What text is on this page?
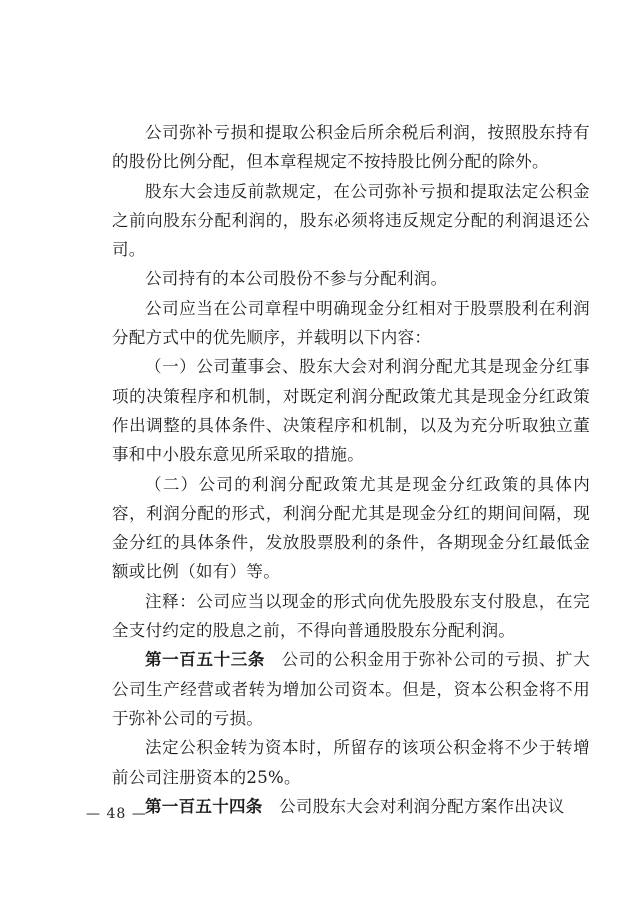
公司弥补亏损和提取公积金后所余税后利润，按照股东持有的股份比例分配，但本章程规定不按持股比例分配的除外。

股东大会违反前款规定，在公司弥补亏损和提取法定公积金之前向股东分配利润的，股东必须将违反规定分配的利润退还公司。

公司持有的本公司股份不参与分配利润。

公司应当在公司章程中明确现金分红相对于股票股利在利润分配方式中的优先顺序，并载明以下内容：

（一）公司董事会、股东大会对利润分配尤其是现金分红事项的决策程序和机制，对既定利润分配政策尤其是现金分红政策作出调整的具体条件、决策程序和机制，以及为充分听取独立董事和中小股东意见所采取的措施。

（二）公司的利润分配政策尤其是现金分红政策的具体内容，利润分配的形式，利润分配尤其是现金分红的期间间隔，现金分红的具体条件，发放股票股利的条件，各期现金分红最低金额或比例（如有）等。

注释：公司应当以现金的形式向优先股股东支付股息，在完全支付约定的股息之前，不得向普通股股东分配利润。

第一百五十三条 公司的公积金用于弥补公司的亏损、扩大公司生产经营或者转为增加公司资本。但是，资本公积金将不用于弥补公司的亏损。

法定公积金转为资本时，所留存的该项公积金将不少于转增前公司注册资本的25%。

第一百五十四条 公司股东大会对利润分配方案作出决议

— 48 —
